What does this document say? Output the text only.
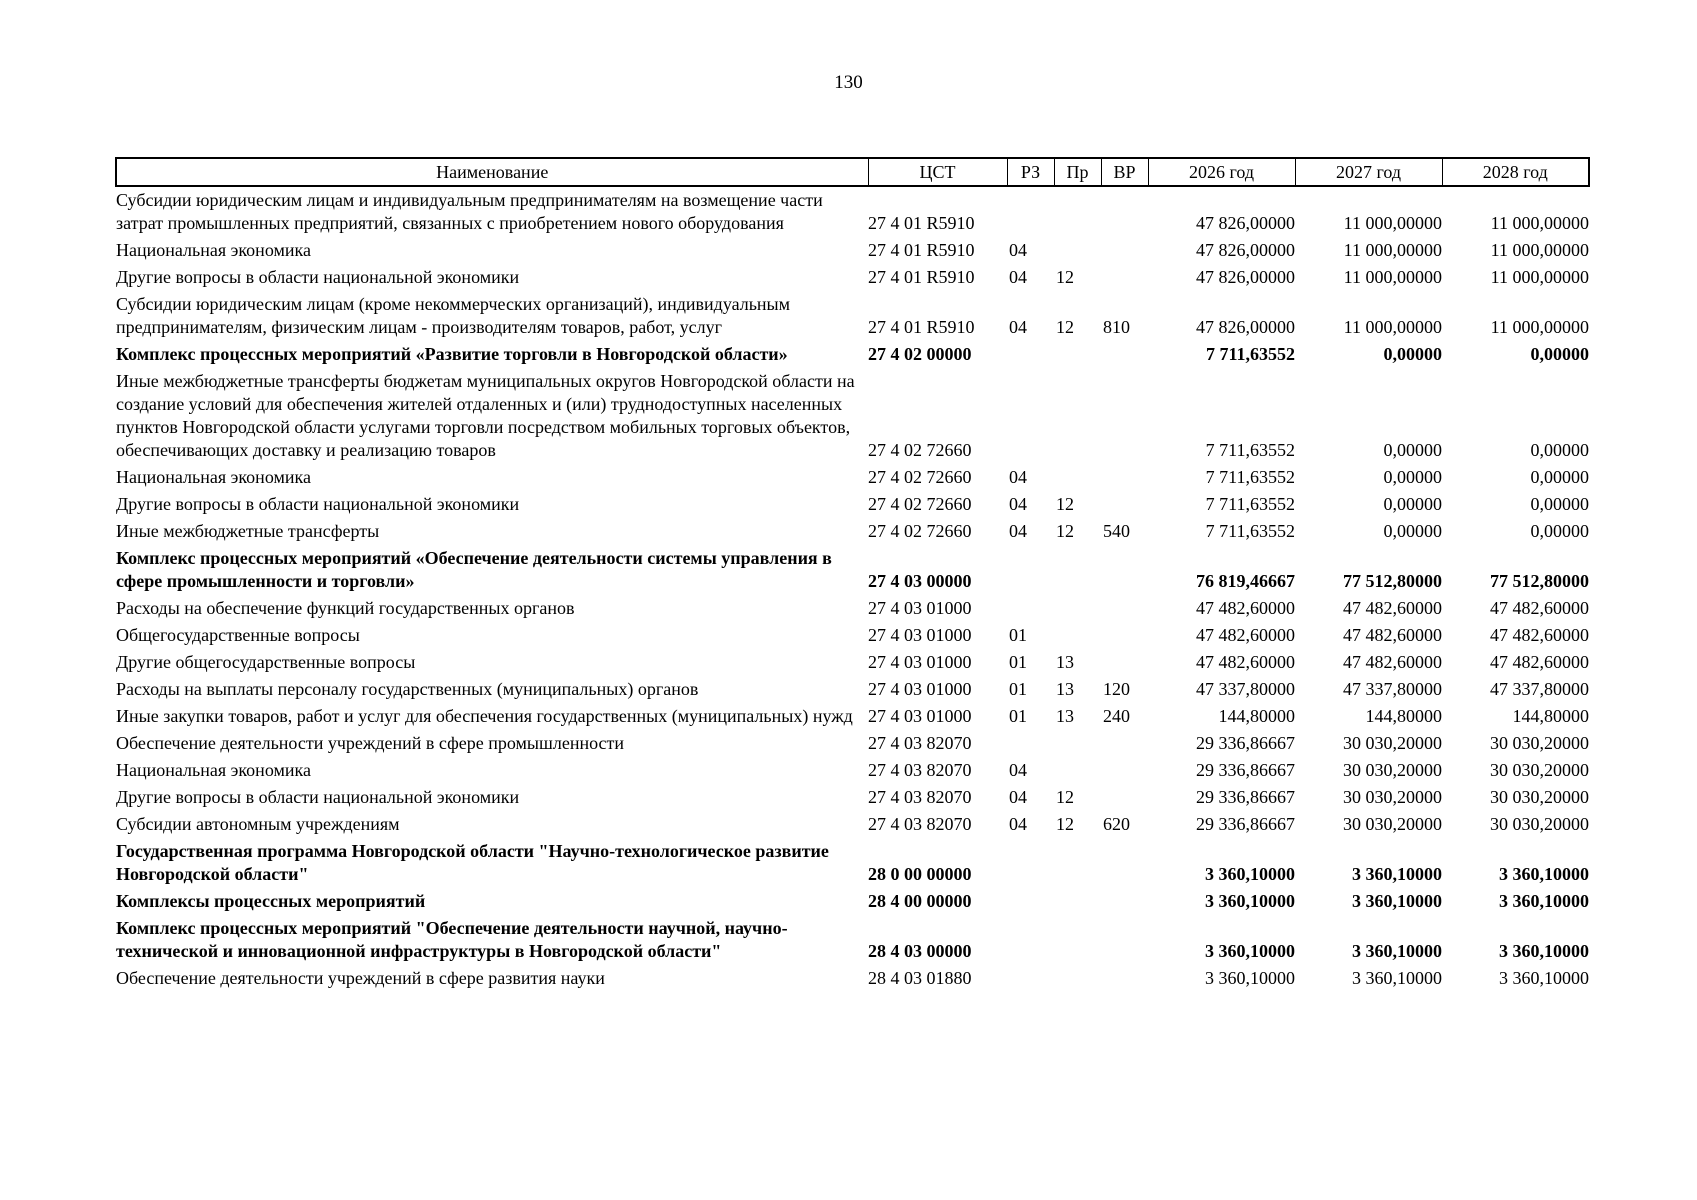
130
Наименование	ЦСТ	РЗ	Пр	ВР	2026 год	2027 год	2028 год
Субсидии юридическим лицам и индивидуальным предпринимателям на возмещение части затрат промышленных предприятий, связанных с приобретением нового оборудования	27 4 01 R5910				47 826,00000	11 000,00000	11 000,00000
Национальная экономика	27 4 01 R5910	04			47 826,00000	11 000,00000	11 000,00000
Другие вопросы в области национальной экономики	27 4 01 R5910	04	12		47 826,00000	11 000,00000	11 000,00000
Субсидии юридическим лицам (кроме некоммерческих организаций), индивидуальным предпринимателям, физическим лицам - производителям товаров, работ, услуг	27 4 01 R5910	04	12	810	47 826,00000	11 000,00000	11 000,00000
Комплекс процессных мероприятий «Развитие торговли в Новгородской области»	27 4 02 00000				7 711,63552	0,00000	0,00000
Иные межбюджетные трансферты бюджетам муниципальных округов Новгородской области на создание условий для обеспечения жителей отдаленных и (или) труднодоступных населенных пунктов Новгородской области услугами торговли посредством мобильных торговых объектов, обеспечивающих доставку и реализацию товаров	27 4 02 72660				7 711,63552	0,00000	0,00000
Национальная экономика	27 4 02 72660	04			7 711,63552	0,00000	0,00000
Другие вопросы в области национальной экономики	27 4 02 72660	04	12		7 711,63552	0,00000	0,00000
Иные межбюджетные трансферты	27 4 02 72660	04	12	540	7 711,63552	0,00000	0,00000
Комплекс процессных мероприятий «Обеспечение деятельности системы управления в сфере промышленности и торговли»	27 4 03 00000				76 819,46667	77 512,80000	77 512,80000
Расходы на обеспечение функций государственных органов	27 4 03 01000				47 482,60000	47 482,60000	47 482,60000
Общегосударственные вопросы	27 4 03 01000	01			47 482,60000	47 482,60000	47 482,60000
Другие общегосударственные вопросы	27 4 03 01000	01	13		47 482,60000	47 482,60000	47 482,60000
Расходы на выплаты персоналу государственных (муниципальных) органов	27 4 03 01000	01	13	120	47 337,80000	47 337,80000	47 337,80000
Иные закупки товаров, работ и услуг для обеспечения государственных (муниципальных) нужд	27 4 03 01000	01	13	240	144,80000	144,80000	144,80000
Обеспечение деятельности учреждений в сфере промышленности	27 4 03 82070				29 336,86667	30 030,20000	30 030,20000
Национальная экономика	27 4 03 82070	04			29 336,86667	30 030,20000	30 030,20000
Другие вопросы в области национальной экономики	27 4 03 82070	04	12		29 336,86667	30 030,20000	30 030,20000
Субсидии автономным учреждениям	27 4 03 82070	04	12	620	29 336,86667	30 030,20000	30 030,20000
Государственная программа Новгородской области "Научно-технологическое развитие Новгородской области"	28 0 00 00000				3 360,10000	3 360,10000	3 360,10000
Комплексы процессных мероприятий	28 4 00 00000				3 360,10000	3 360,10000	3 360,10000
Комплекс процессных мероприятий "Обеспечение деятельности научной, научно-технической и инновационной инфраструктуры в Новгородской области"	28 4 03 00000				3 360,10000	3 360,10000	3 360,10000
Обеспечение деятельности учреждений в сфере развития науки	28 4 03 01880				3 360,10000	3 360,10000	3 360,10000
